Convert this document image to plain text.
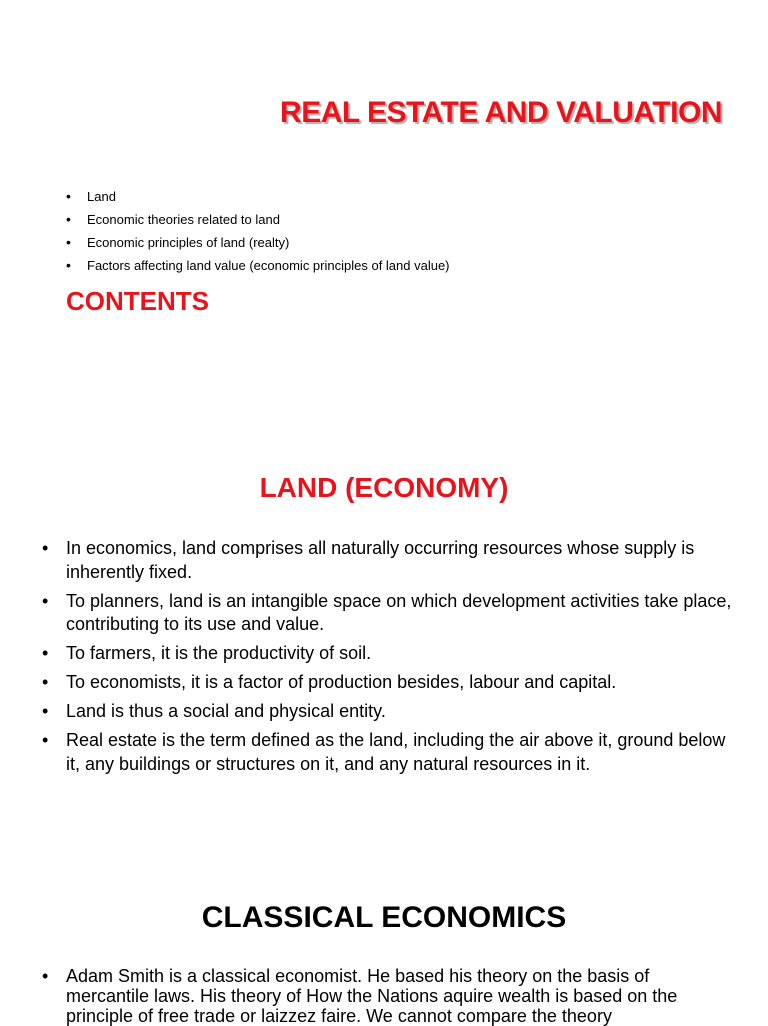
REAL ESTATE AND VALUATION
• Land
• Economic theories related to land
• Economic principles of land (realty)
• Factors affecting land value (economic principles of land value)
CONTENTS
LAND (ECONOMY)
• In economics, land comprises all naturally occurring resources whose supply is inherently fixed.
• To planners, land is an intangible space on which development activities take place, contributing to its use and value.
• To farmers, it is the productivity of soil.
• To economists, it is a factor of production besides, labour and capital.
• Land is thus a social and physical entity.
• Real estate is the term defined as the land, including the air above it, ground below it, any buildings or structures on it, and any natural resources in it.
CLASSICAL ECONOMICS
• Adam Smith is a classical economist. He based his theory on the basis of mercantile laws. His theory of How the Nations aquire wealth is based on the principle of free trade or laizzez faire. We cannot compare the theory
